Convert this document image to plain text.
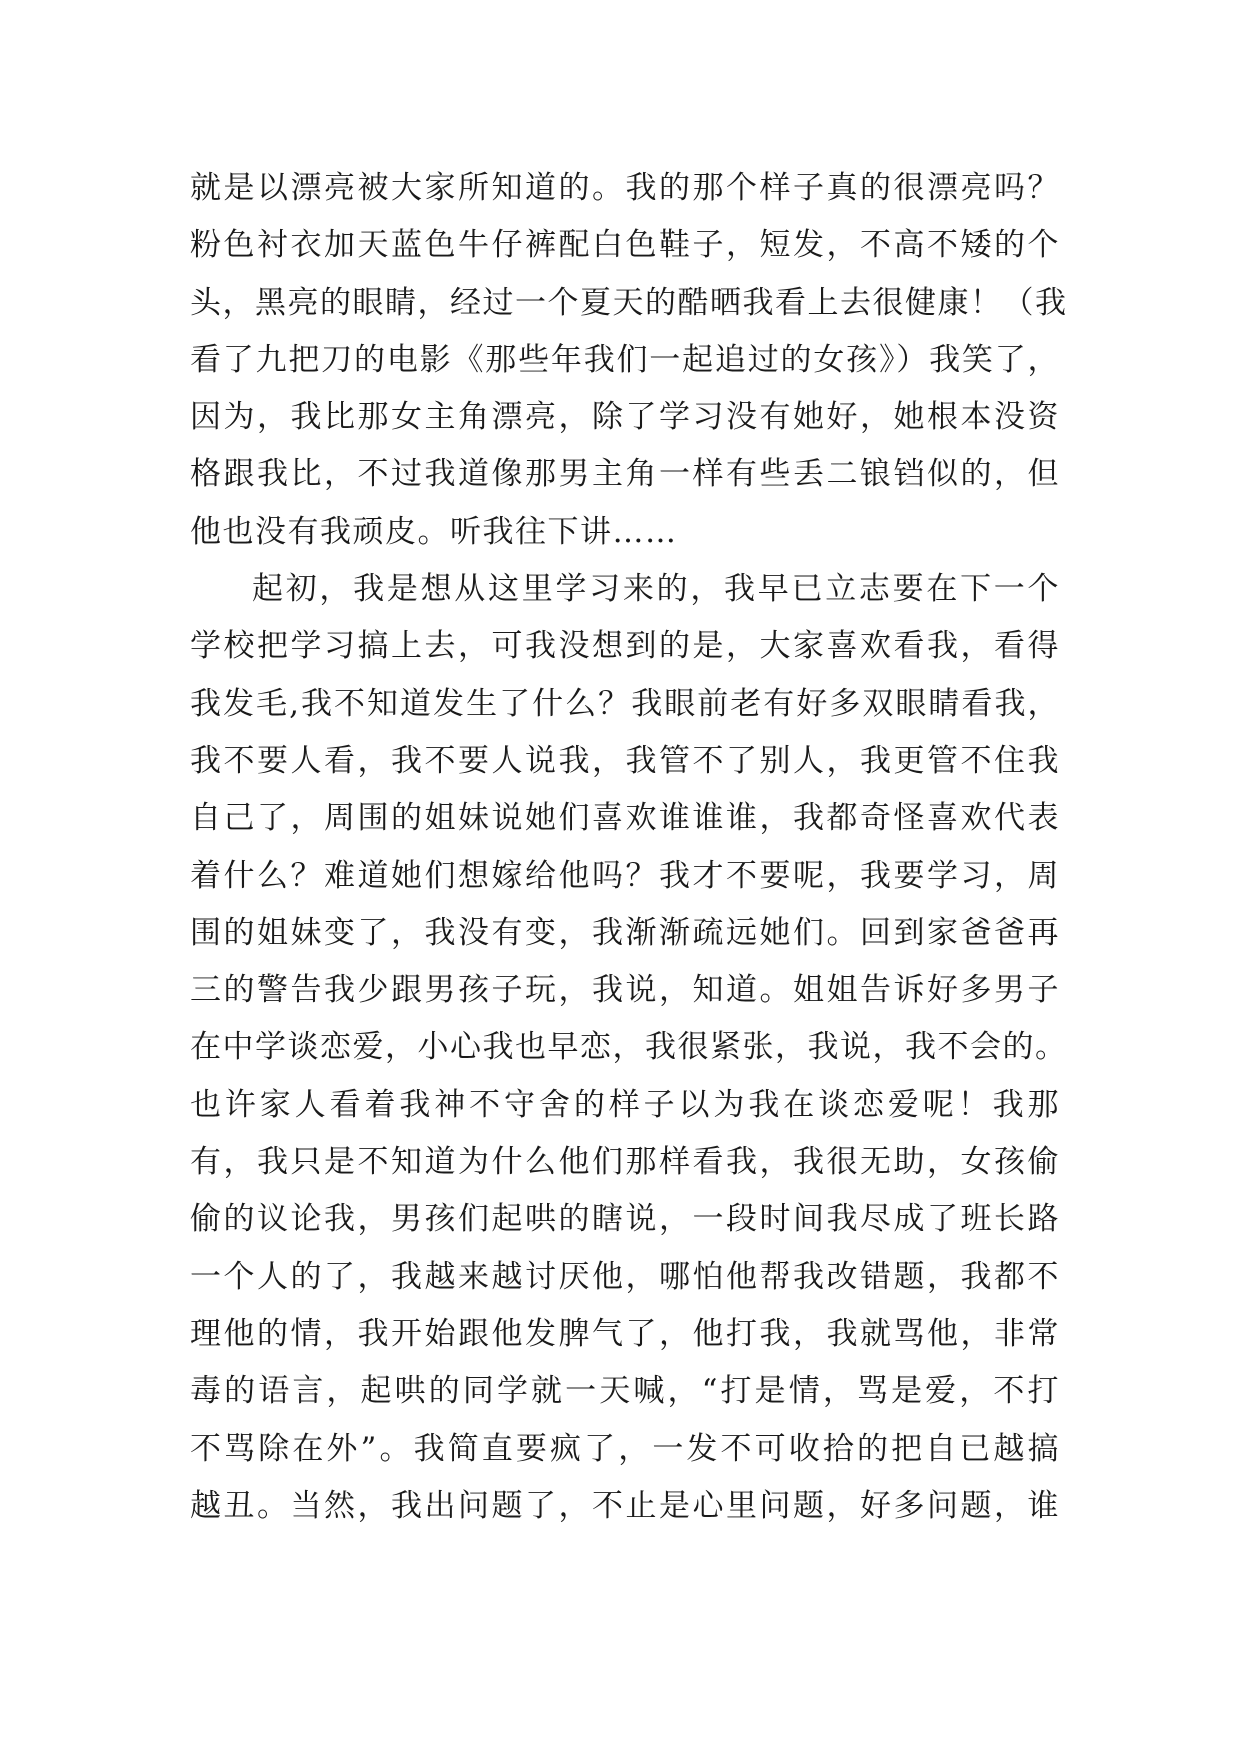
就是以漂亮被大家所知道的。我的那个样子真的很漂亮吗？
粉色衬衣加天蓝色牛仔裤配白色鞋子，短发，不高不矮的个
头，黑亮的眼睛，经过一个夏天的酷晒我看上去很健康！（我
看了九把刀的电影《那些年我们一起追过的女孩》）我笑了，
因为，我比那女主角漂亮，除了学习没有她好，她根本没资
格跟我比，不过我道像那男主角一样有些丢二锒铛似的，但
他也没有我顽皮。听我往下讲……
起初，我是想从这里学习来的，我早已立志要在下一个
学校把学习搞上去，可我没想到的是，大家喜欢看我，看得
我发毛,我不知道发生了什么？我眼前老有好多双眼睛看我，
我不要人看，我不要人说我，我管不了别人，我更管不住我
自己了，周围的姐妹说她们喜欢谁谁谁，我都奇怪喜欢代表
着什么？难道她们想嫁给他吗？我才不要呢，我要学习，周
围的姐妹变了，我没有变，我渐渐疏远她们。回到家爸爸再
三的警告我少跟男孩子玩，我说，知道。姐姐告诉好多男子
在中学谈恋爱，小心我也早恋，我很紧张，我说，我不会的。
也许家人看着我神不守舍的样子以为我在谈恋爱呢！我那
有，我只是不知道为什么他们那样看我，我很无助，女孩偷
偷的议论我，男孩们起哄的瞎说，一段时间我尽成了班长路
一个人的了，我越来越讨厌他，哪怕他帮我改错题，我都不
理他的情，我开始跟他发脾气了，他打我，我就骂他，非常
毒的语言，起哄的同学就一天喊，“打是情，骂是爱，不打
不骂除在外”。我简直要疯了，一发不可收拾的把自已越搞
越丑。当然，我出问题了，不止是心里问题，好多问题，谁
